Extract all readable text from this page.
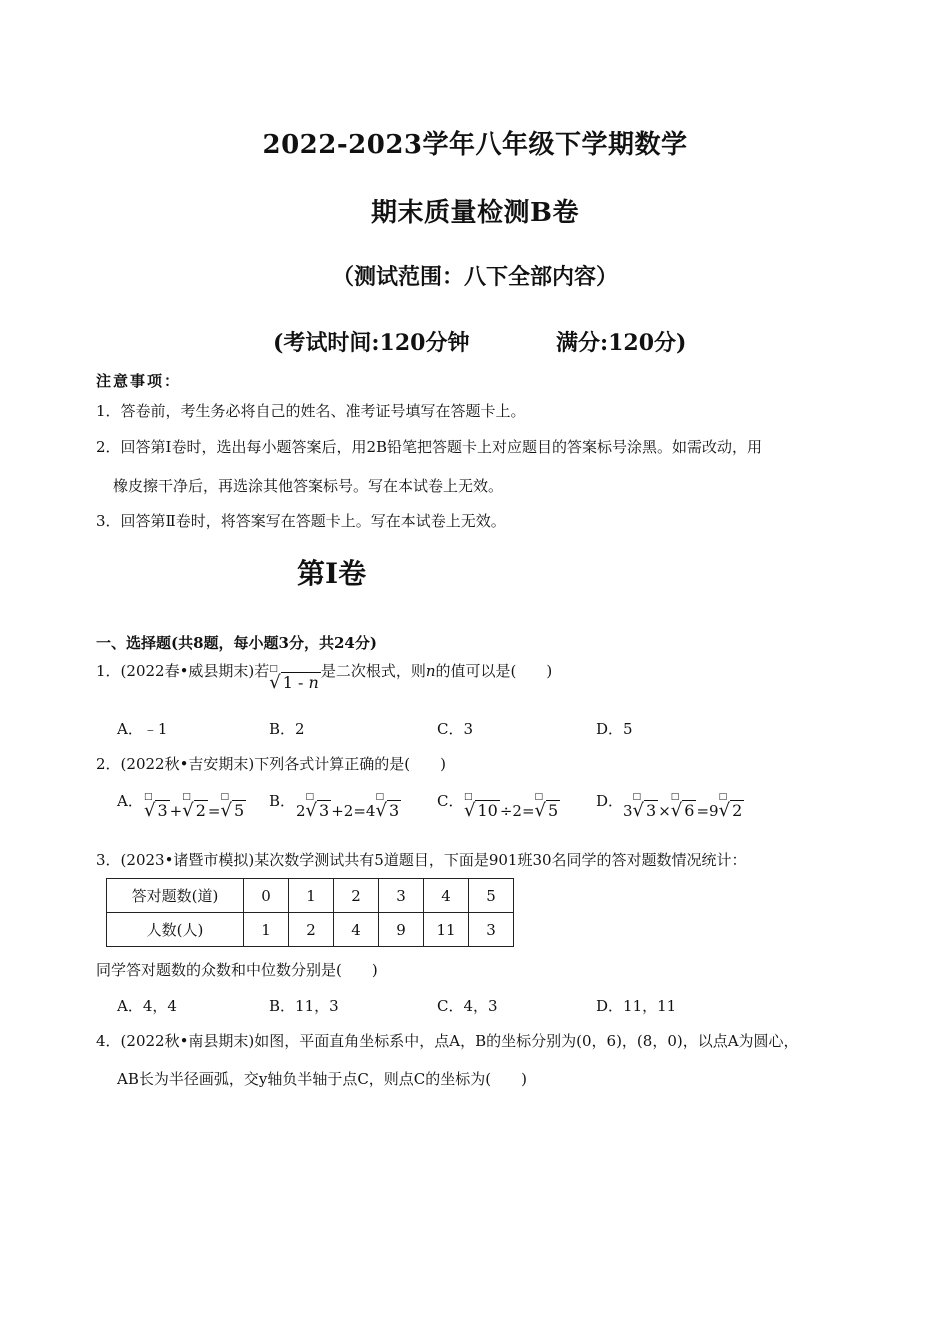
2022-2023学年八年级下学期数学
期末质量检测B卷
（测试范围：八下全部内容）
(考试时间:120分钟	满分:120分)
注意事项：
1．答卷前，考生务必将自己的姓名、准考证号填写在答题卡上。
2．回答第Ⅰ卷时，选出每小题答案后，用2B铅笔把答题卡上对应题目的答案标号涂黑。如需改动，用
橡皮擦干净后，再选涂其他答案标号。写在本试卷上无效。
3．回答第Ⅱ卷时，将答案写在答题卡上。写在本试卷上无效。
第Ⅰ卷
一、选择题(共8题，每小题3分，共24分)
1．(2022春•威县期末)若 □
√ 1 - n是二次根式，则n的值可以是(　　)
A．﹣1	B．2	C．3	D．5
2．(2022秋•吉安期末)下列各式计算正确的是(　　)
A． □
√ 3 +
□
√ 2 =
□
√ 5 B．
2
□
√ 3 +2=4
□
√ 3	C． □
√ 10 ÷2=
□
√ 5	D．
3
□
√ 3 ×
□
√ 6 =9
□
√ 2
3．(2023•诸暨市模拟)某次数学测试共有5道题目，下面是901班30名同学的答对题数情况统计：
答对题数(道)	0	1	2	3	4	5
人数(人)	1	2	4	9	11	3
同学答对题数的众数和中位数分别是(　　)
A．4，4	B．11，3	C．4，3	D．11，11
4．(2022秋•南县期末)如图，平面直角坐标系中，点A，B的坐标分别为(0，6)，(8，0)，以点A为圆心，
AB长为半径画弧，交y轴负半轴于点C，则点C的坐标为(　　)
